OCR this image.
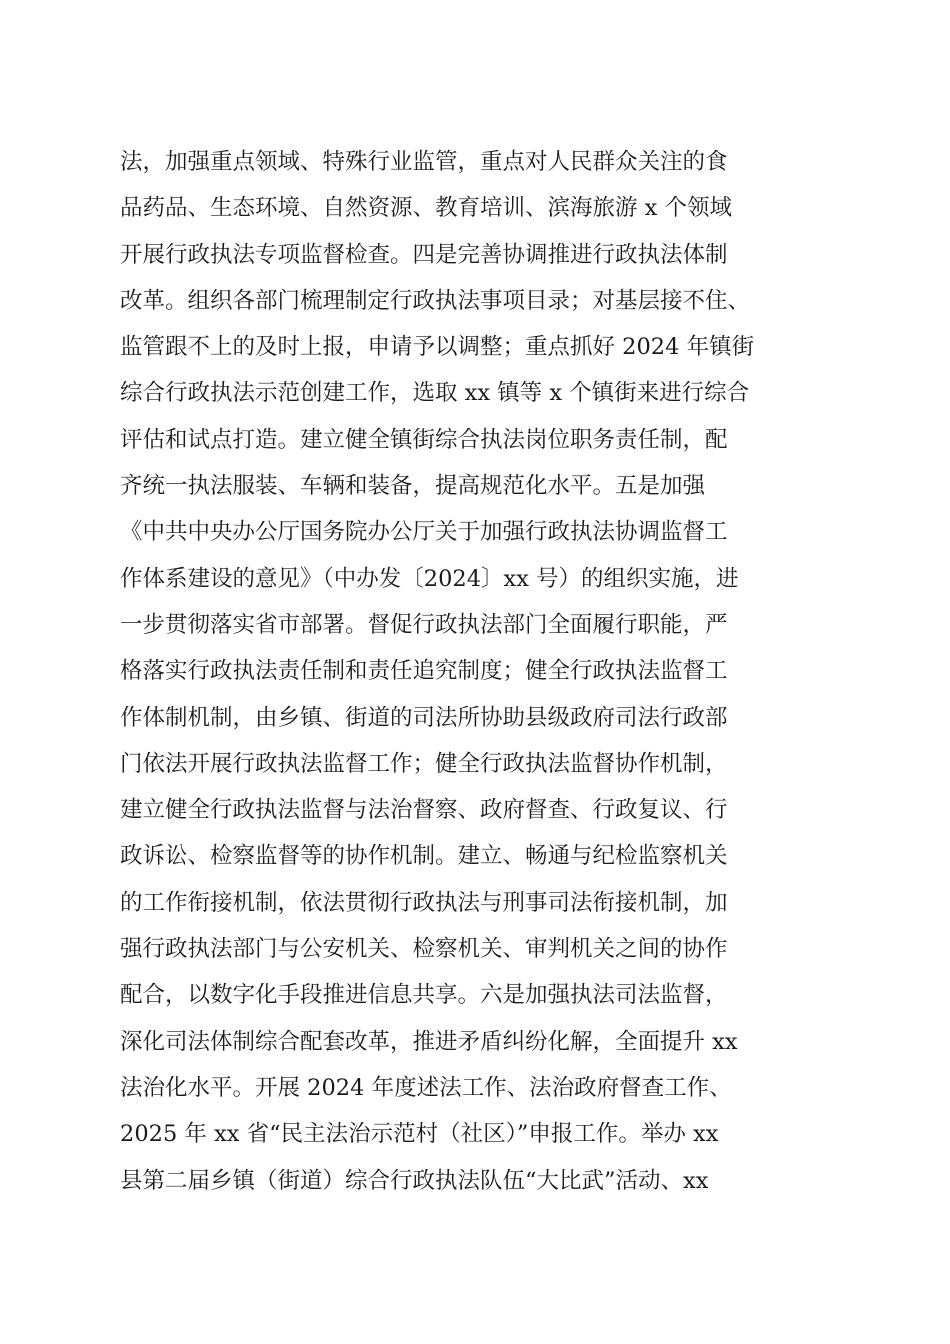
法，加强重点领域、特殊行业监管，重点对人民群众关注的食
品药品、生态环境、自然资源、教育培训、滨海旅游 x 个领域
开展行政执法专项监督检查。四是完善协调推进行政执法体制
改革。组织各部门梳理制定行政执法事项目录；对基层接不住、
监管跟不上的及时上报，申请予以调整；重点抓好 2024 年镇街
综合行政执法示范创建工作，选取 xx 镇等 x 个镇街来进行综合
评估和试点打造。建立健全镇街综合执法岗位职务责任制，配
齐统一执法服装、车辆和装备，提高规范化水平。五是加强
《中共中央办公厅国务院办公厅关于加强行政执法协调监督工
作体系建设的意见》（中办发〔2024〕xx 号）的组织实施，进
一步贯彻落实省市部署。督促行政执法部门全面履行职能，严
格落实行政执法责任制和责任追究制度；健全行政执法监督工
作体制机制，由乡镇、街道的司法所协助县级政府司法行政部
门依法开展行政执法监督工作；健全行政执法监督协作机制，
建立健全行政执法监督与法治督察、政府督查、行政复议、行
政诉讼、检察监督等的协作机制。建立、畅通与纪检监察机关
的工作衔接机制，依法贯彻行政执法与刑事司法衔接机制，加
强行政执法部门与公安机关、检察机关、审判机关之间的协作
配合，以数字化手段推进信息共享。六是加强执法司法监督，
深化司法体制综合配套改革，推进矛盾纠纷化解，全面提升 xx
法治化水平。开展 2024 年度述法工作、法治政府督查工作、
2025 年 xx 省“民主法治示范村（社区）”申报工作。举办 xx
县第二届乡镇（街道）综合行政执法队伍“大比武”活动、xx
